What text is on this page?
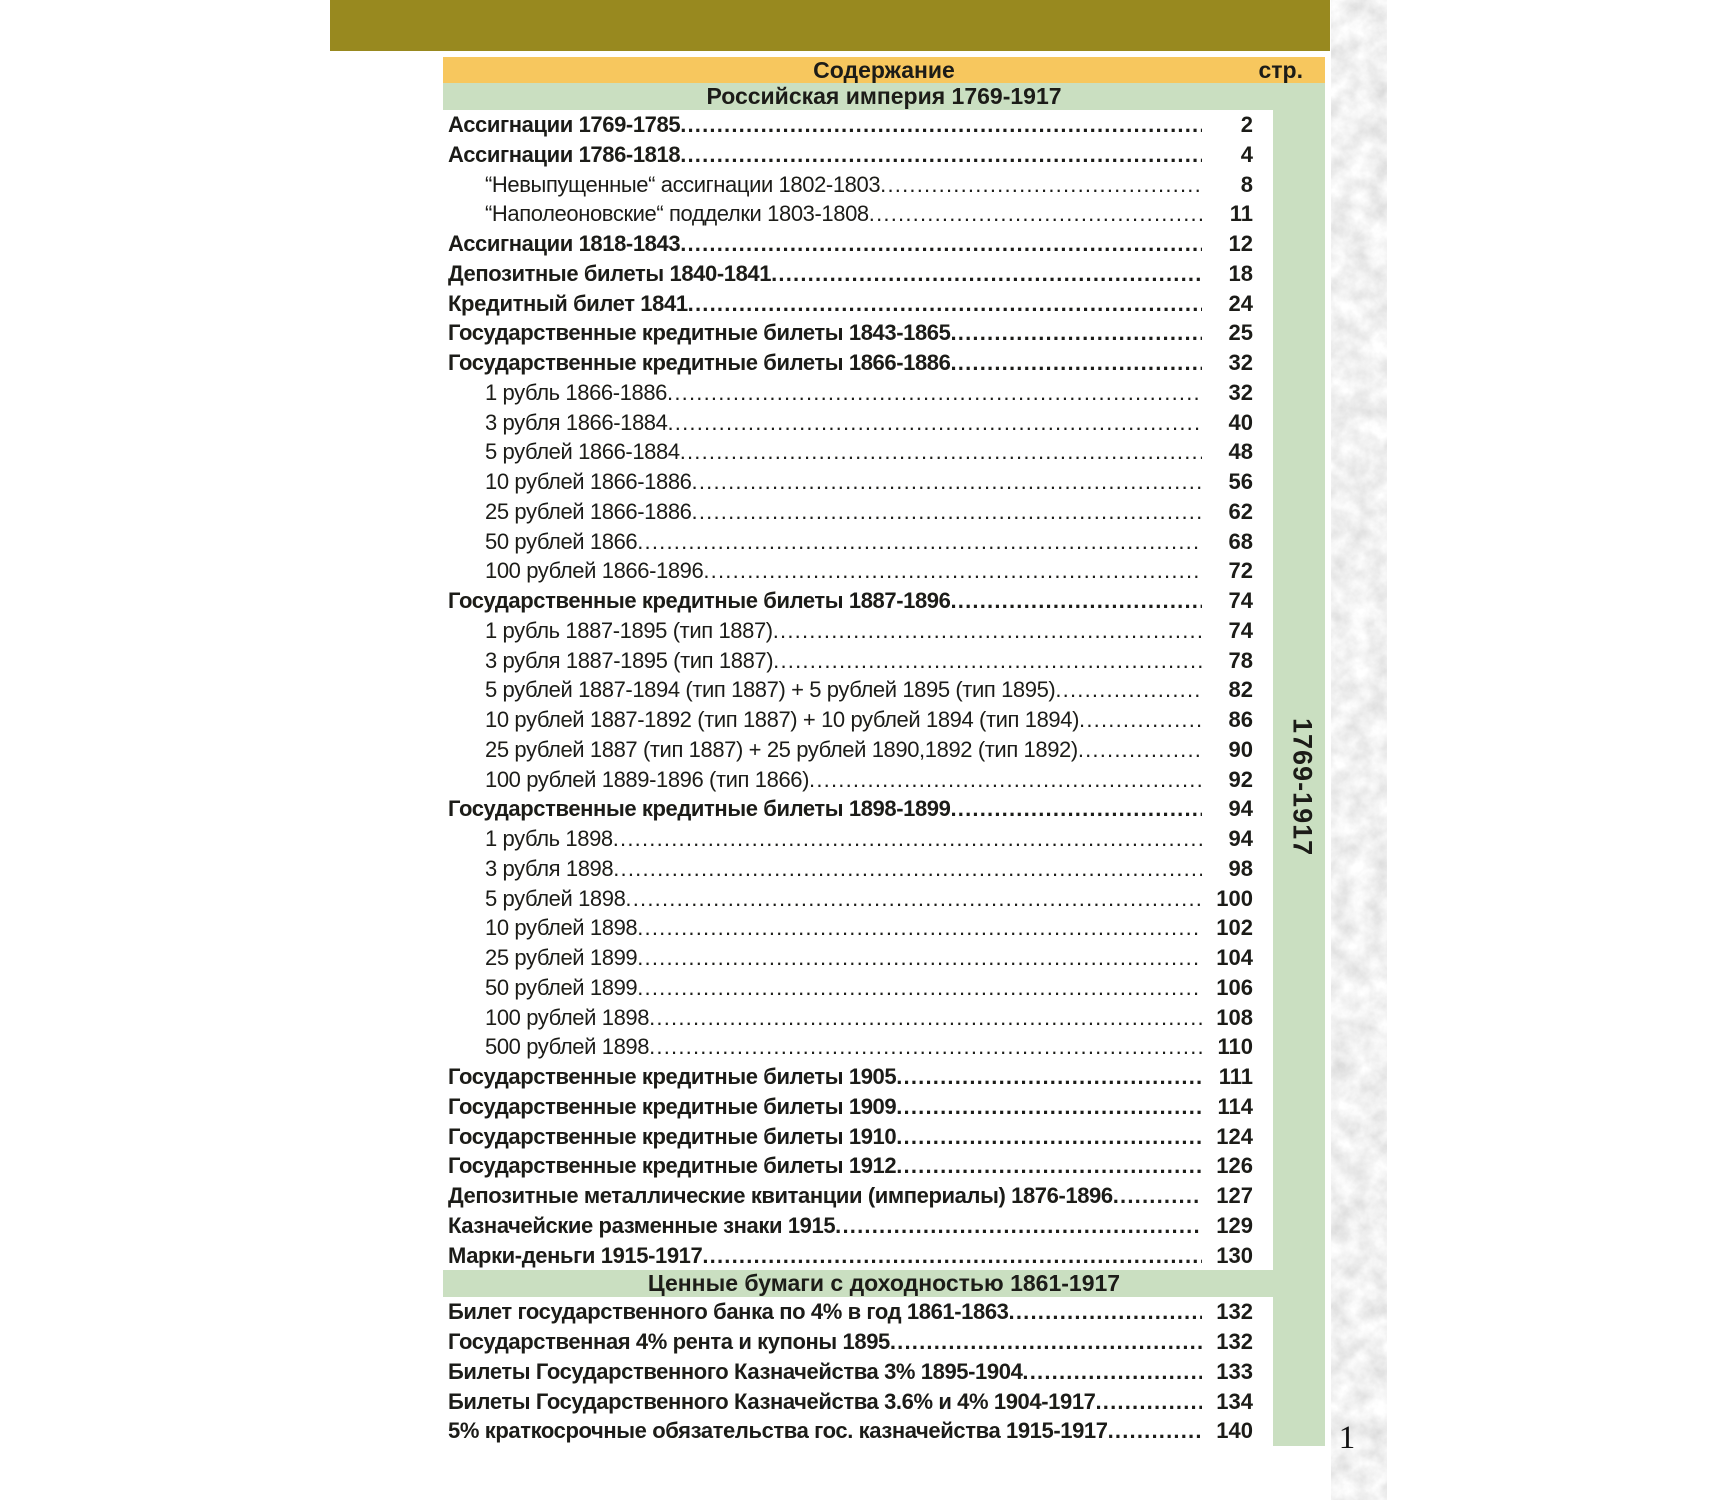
Содержание	стр.
Российская империя 1769-1917
Ассигнации 1769-1785 .....	2
Ассигнации 1786-1818 .....	4
“Невыпущенные“ ассигнации 1802-1803 .....	8
“Наполеоновские“ подделки 1803-1808 .....	11
Ассигнации 1818-1843 .....	12
Депозитные билеты 1840-1841 .....	18
Кредитный билет 1841 .....	24
Государственные кредитные билеты 1843-1865 .....	25
Государственные кредитные билеты 1866-1886 .....	32
1 рубль 1866-1886 .....	32
3 рубля 1866-1884 .....	40
5 рублей 1866-1884 .....	48
10 рублей 1866-1886 .....	56
25 рублей 1866-1886 .....	62
50 рублей 1866 .....	68
100 рублей 1866-1896 .....	72
Государственные кредитные билеты 1887-1896 .....	74
1 рубль 1887-1895 (тип 1887) .....	74
3 рубля 1887-1895 (тип 1887) .....	78
5 рублей 1887-1894 (тип 1887) + 5 рублей 1895 (тип 1895) .....	82
10 рублей 1887-1892 (тип 1887) + 10 рублей 1894 (тип 1894) .....	86
25 рублей 1887 (тип 1887) + 25 рублей 1890,1892 (тип 1892) .....	90
100 рублей 1889-1896 (тип 1866) .....	92
Государственные кредитные билеты 1898-1899 .....	94
1 рубль 1898 .....	94
3 рубля 1898 .....	98
5 рублей 1898 .....	100
10 рублей 1898 .....	102
25 рублей 1899 .....	104
50 рублей 1899 .....	106
100 рублей 1898 .....	108
500 рублей 1898 .....	110
Государственные кредитные билеты 1905 .....	111
Государственные кредитные билеты 1909 .....	114
Государственные кредитные билеты 1910 .....	124
Государственные кредитные билеты 1912 .....	126
Депозитные металлические квитанции (империалы) 1876-1896 .....	127
Казначейские разменные знаки 1915 .....	129
Марки-деньги 1915-1917 .....	130
Ценные бумаги с доходностью 1861-1917
Билет государственного банка по 4% в год 1861-1863 .....	132
Государственная 4% рента и купоны 1895 .....	132
Билеты Государственного Казначейства 3% 1895-1904 .....	133
Билеты Государственного Казначейства 3.6% и 4% 1904-1917 .....	134
5% краткосрочные обязательства гос. казначейства 1915-1917 .....	140
1769-1917
1
